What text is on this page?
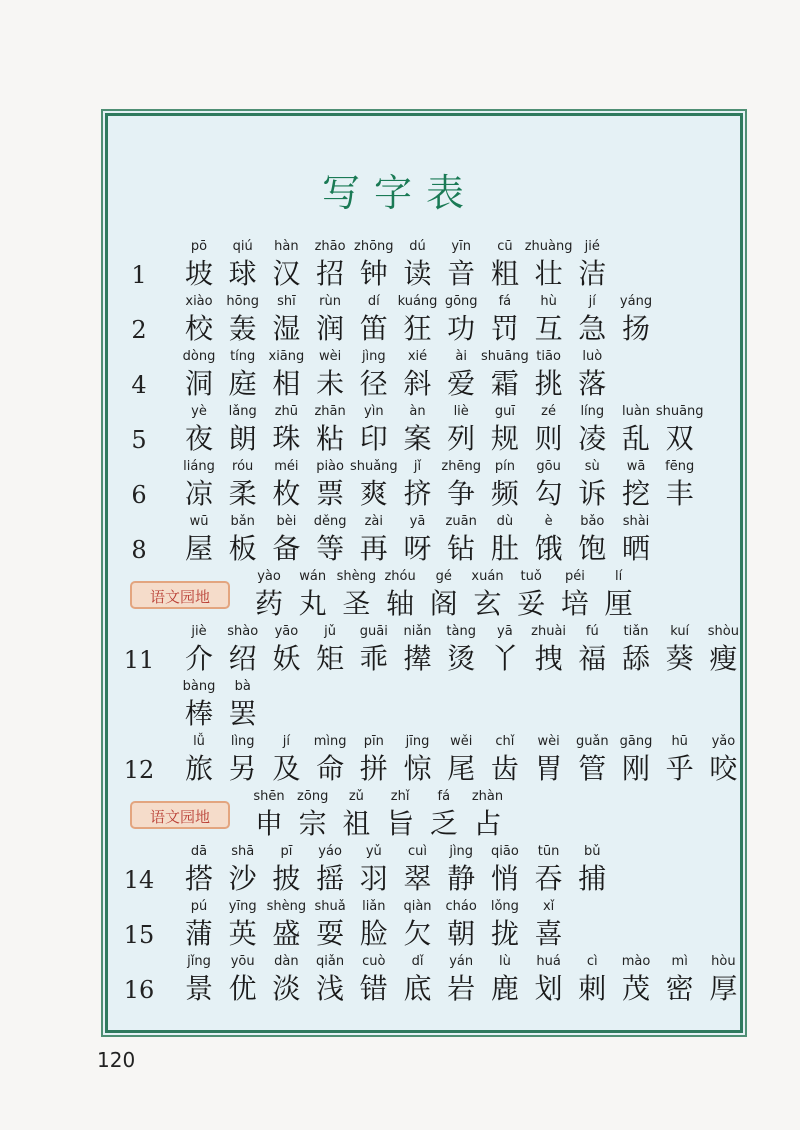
写字表
1
pō
坡
qiú
球
hàn
汉
zhāo
招
zhōng
钟
dú
读
yīn
音
cū
粗
zhuàng
壮
jié
洁
2
xiào
校
hōng
轰
shī
湿
rùn
润
dí
笛
kuáng
狂
gōng
功
fá
罚
hù
互
jí
急
yáng
扬
4
dòng
洞
tíng
庭
xiāng
相
wèi
未
jìng
径
xié
斜
ài
爱
shuāng
霜
tiāo
挑
luò
落
5
yè
夜
lǎng
朗
zhū
珠
zhān
粘
yìn
印
àn
案
liè
列
guī
规
zé
则
líng
凌
luàn
乱
shuāng
双
6
liáng
凉
róu
柔
méi
枚
piào
票
shuǎng
爽
jǐ
挤
zhēng
争
pín
频
gōu
勾
sù
诉
wā
挖
fēng
丰
8
wū
屋
bǎn
板
bèi
备
děng
等
zài
再
yā
呀
zuān
钻
dù
肚
è
饿
bǎo
饱
shài
晒
语文园地
yào
药
wán
丸
shèng
圣
zhóu
轴
gé
阁
xuán
玄
tuǒ
妥
péi
培
lí
厘
11
jiè
介
shào
绍
yāo
妖
jǔ
矩
guāi
乖
niǎn
撵
tàng
烫
yā
丫
zhuài
拽
fú
福
tiǎn
舔
kuí
葵
shòu
瘦
bàng
棒
bà
罢
12
lǚ
旅
lìng
另
jí
及
mìng
命
pīn
拼
jīng
惊
wěi
尾
chǐ
齿
wèi
胃
guǎn
管
gāng
刚
hū
乎
yǎo
咬
语文园地
shēn
申
zōng
宗
zǔ
祖
zhǐ
旨
fá
乏
zhàn
占
14
dā
搭
shā
沙
pī
披
yáo
摇
yǔ
羽
cuì
翠
jìng
静
qiāo
悄
tūn
吞
bǔ
捕
15
pú
蒲
yīng
英
shèng
盛
shuǎ
耍
liǎn
脸
qiàn
欠
cháo
朝
lǒng
拢
xǐ
喜
16
jǐng
景
yōu
优
dàn
淡
qiǎn
浅
cuò
错
dǐ
底
yán
岩
lù
鹿
huá
划
cì
刺
mào
茂
mì
密
hòu
厚
120
